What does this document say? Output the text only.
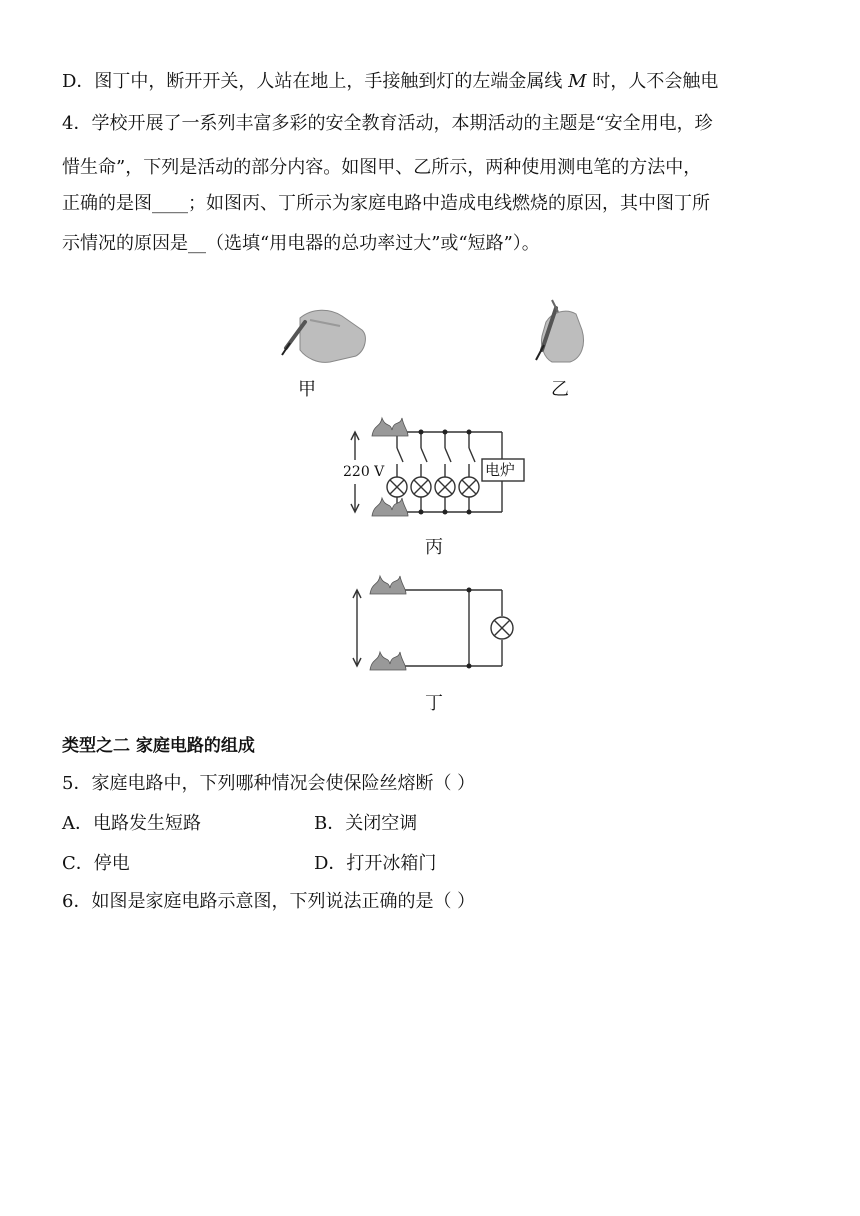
D．图丁中，断开开关，人站在地上，手接触到灯的左端金属线 M 时，人不会触电
4．学校开展了一系列丰富多彩的安全教育活动，本期活动的主题是“安全用电，珍
惜生命”，下列是活动的部分内容。如图甲、乙所示，两种使用测电笔的方法中，
正确的是图____；如图丙、丁所示为家庭电路中造成电线燃烧的原因，其中图丁所
示情况的原因是__（选填“用电器的总功率过大”或“短路”）。
甲	乙
220 V	电炉
丙
丁
类型之二 家庭电路的组成
5．家庭电路中，下列哪种情况会使保险丝熔断（ ）
A．电路发生短路	B．关闭空调
C．停电	D．打开冰箱门
6．如图是家庭电路示意图，下列说法正确的是（ ）
